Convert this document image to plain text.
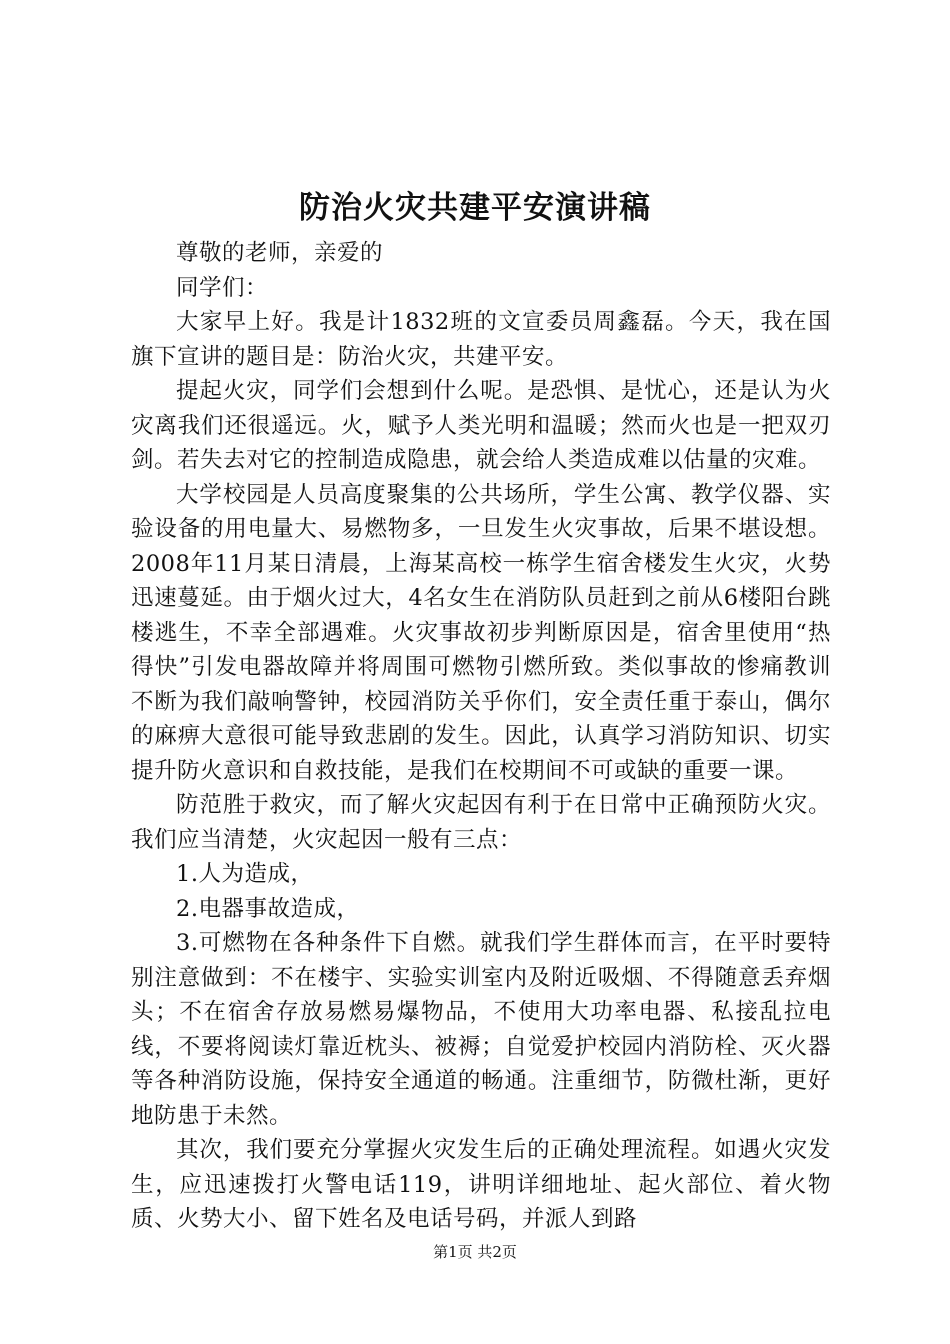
防治火灾共建平安演讲稿

尊敬的老师，亲爱的

同学们：

大家早上好。我是计1832班的文宣委员周鑫磊。今天，我在国旗下宣讲的题目是：防治火灾，共建平安。

提起火灾，同学们会想到什么呢。是恐惧、是忧心，还是认为火灾离我们还很遥远。火，赋予人类光明和温暖；然而火也是一把双刃剑。若失去对它的控制造成隐患，就会给人类造成难以估量的灾难。

大学校园是人员高度聚集的公共场所，学生公寓、教学仪器、实验设备的用电量大、易燃物多，一旦发生火灾事故，后果不堪设想。2008年11月某日清晨，上海某高校一栋学生宿舍楼发生火灾，火势迅速蔓延。由于烟火过大，4名女生在消防队员赶到之前从6楼阳台跳楼逃生，不幸全部遇难。火灾事故初步判断原因是，宿舍里使用“热得快”引发电器故障并将周围可燃物引燃所致。类似事故的惨痛教训不断为我们敲响警钟，校园消防关乎你们，安全责任重于泰山，偶尔的麻痹大意很可能导致悲剧的发生。因此，认真学习消防知识、切实提升防火意识和自救技能，是我们在校期间不可或缺的重要一课。

防范胜于救灾，而了解火灾起因有利于在日常中正确预防火灾。我们应当清楚，火灾起因一般有三点：

1.人为造成，

2.电器事故造成，

3.可燃物在各种条件下自燃。就我们学生群体而言，在平时要特别注意做到：不在楼宇、实验实训室内及附近吸烟、不得随意丢弃烟头；不在宿舍存放易燃易爆物品，不使用大功率电器、私接乱拉电线，不要将阅读灯靠近枕头、被褥；自觉爱护校园内消防栓、灭火器等各种消防设施，保持安全通道的畅通。注重细节，防微杜渐，更好地防患于未然。

其次，我们要充分掌握火灾发生后的正确处理流程。如遇火灾发生，应迅速拨打火警电话119，讲明详细地址、起火部位、着火物质、火势大小、留下姓名及电话号码，并派人到路

第1页 共2页
